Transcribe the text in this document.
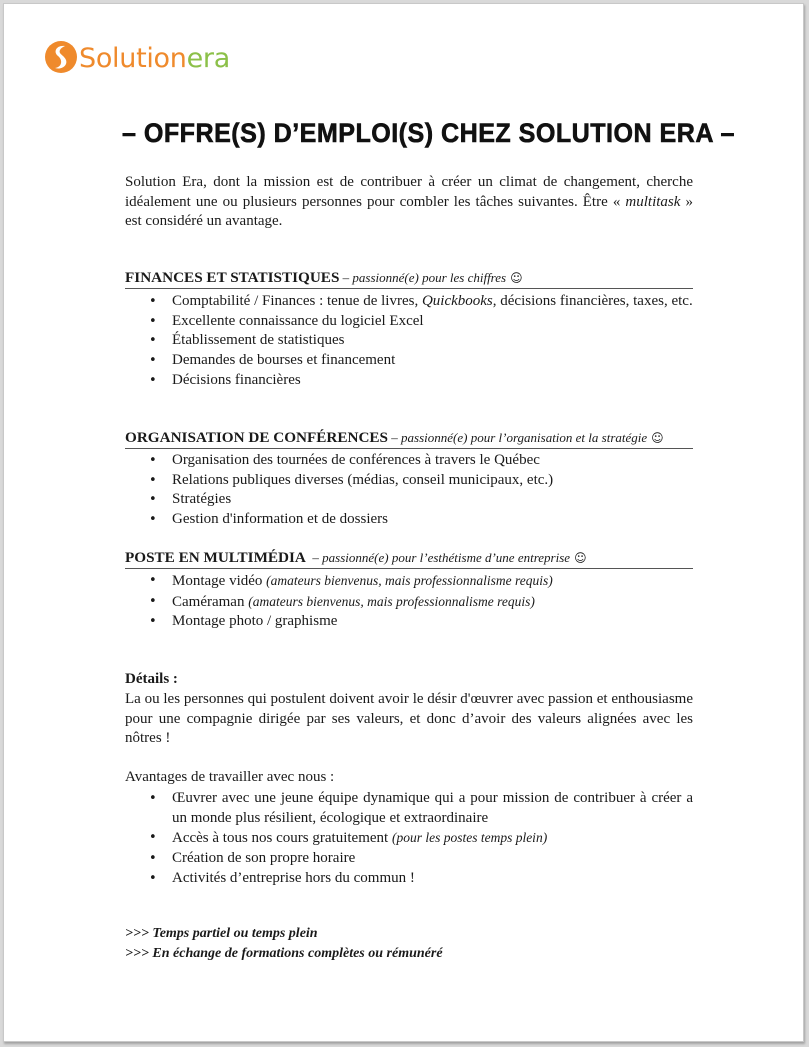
Solutionera
– OFFRE(S) D’EMPLOI(S) CHEZ SOLUTION ERA –

Solution Era, dont la mission est de contribuer à créer un climat de changement, cherche idéalement une ou plusieurs personnes pour combler les tâches suivantes. Être « multitask » est considéré un avantage.

FINANCES ET STATISTIQUES – passionné(e) pour les chiffres ☺
• Comptabilité / Finances : tenue de livres, Quickbooks, décisions financières, taxes, etc.
• Excellente connaissance du logiciel Excel
• Établissement de statistiques
• Demandes de bourses et financement
• Décisions financières
ORGANISATION DE CONFÉRENCES – passionné(e) pour l’organisation et la stratégie ☺
• Organisation des tournées de conférences à travers le Québec
• Relations publiques diverses (médias, conseil municipaux, etc.)
• Stratégies
• Gestion d'information et de dossiers
POSTE EN MULTIMÉDIA  – passionné(e) pour l’esthétisme d’une entreprise ☺
• Montage vidéo (amateurs bienvenus, mais professionnalisme requis)
• Caméraman (amateurs bienvenus, mais professionnalisme requis)
• Montage photo / graphisme
Détails :
La ou les personnes qui postulent doivent avoir le désir d'œuvrer avec passion et enthousiasme pour une compagnie dirigée par ses valeurs, et donc d’avoir des valeurs alignées avec les nôtres !
Avantages de travailler avec nous :
• Œuvrer avec une jeune équipe dynamique qui a pour mission de contribuer à créer a un monde plus résilient, écologique et extraordinaire
• Accès à tous nos cours gratuitement (pour les postes temps plein)
• Création de son propre horaire
• Activités d’entreprise hors du commun !
>>> Temps partiel ou temps plein
>>> En échange de formations complètes ou rémunéré
